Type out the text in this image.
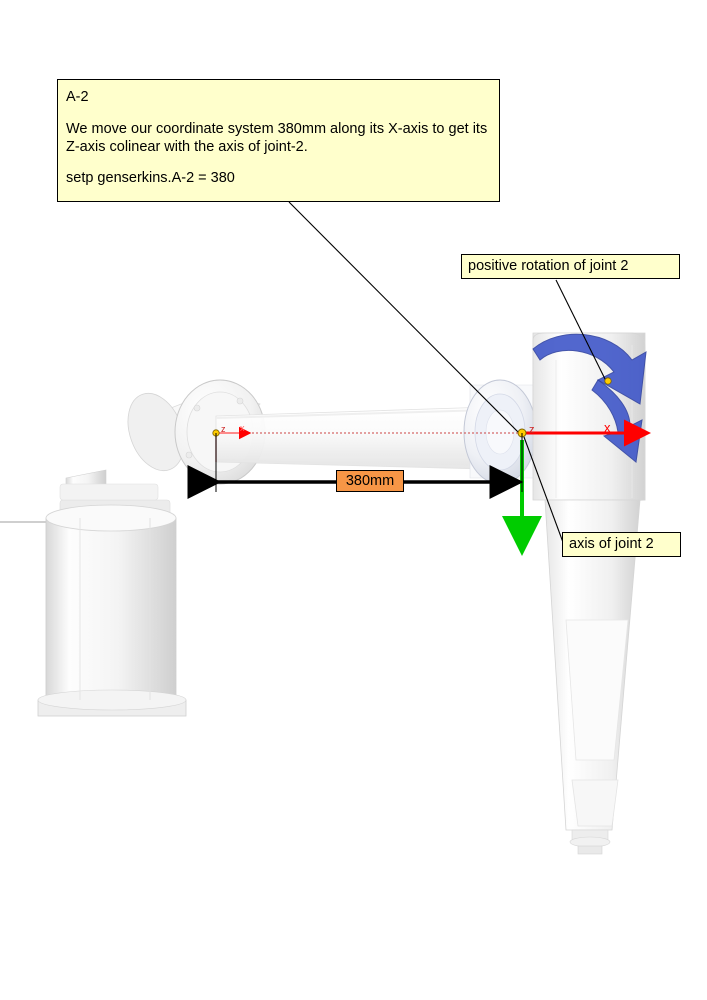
A-2

We move our coordinate system 380mm along its X-axis to get its Z-axis colinear with the axis of joint-2.

setp genserkins.A-2 = 380

positive rotation of joint 2
axis of joint 2
380mm
z x	z	x
